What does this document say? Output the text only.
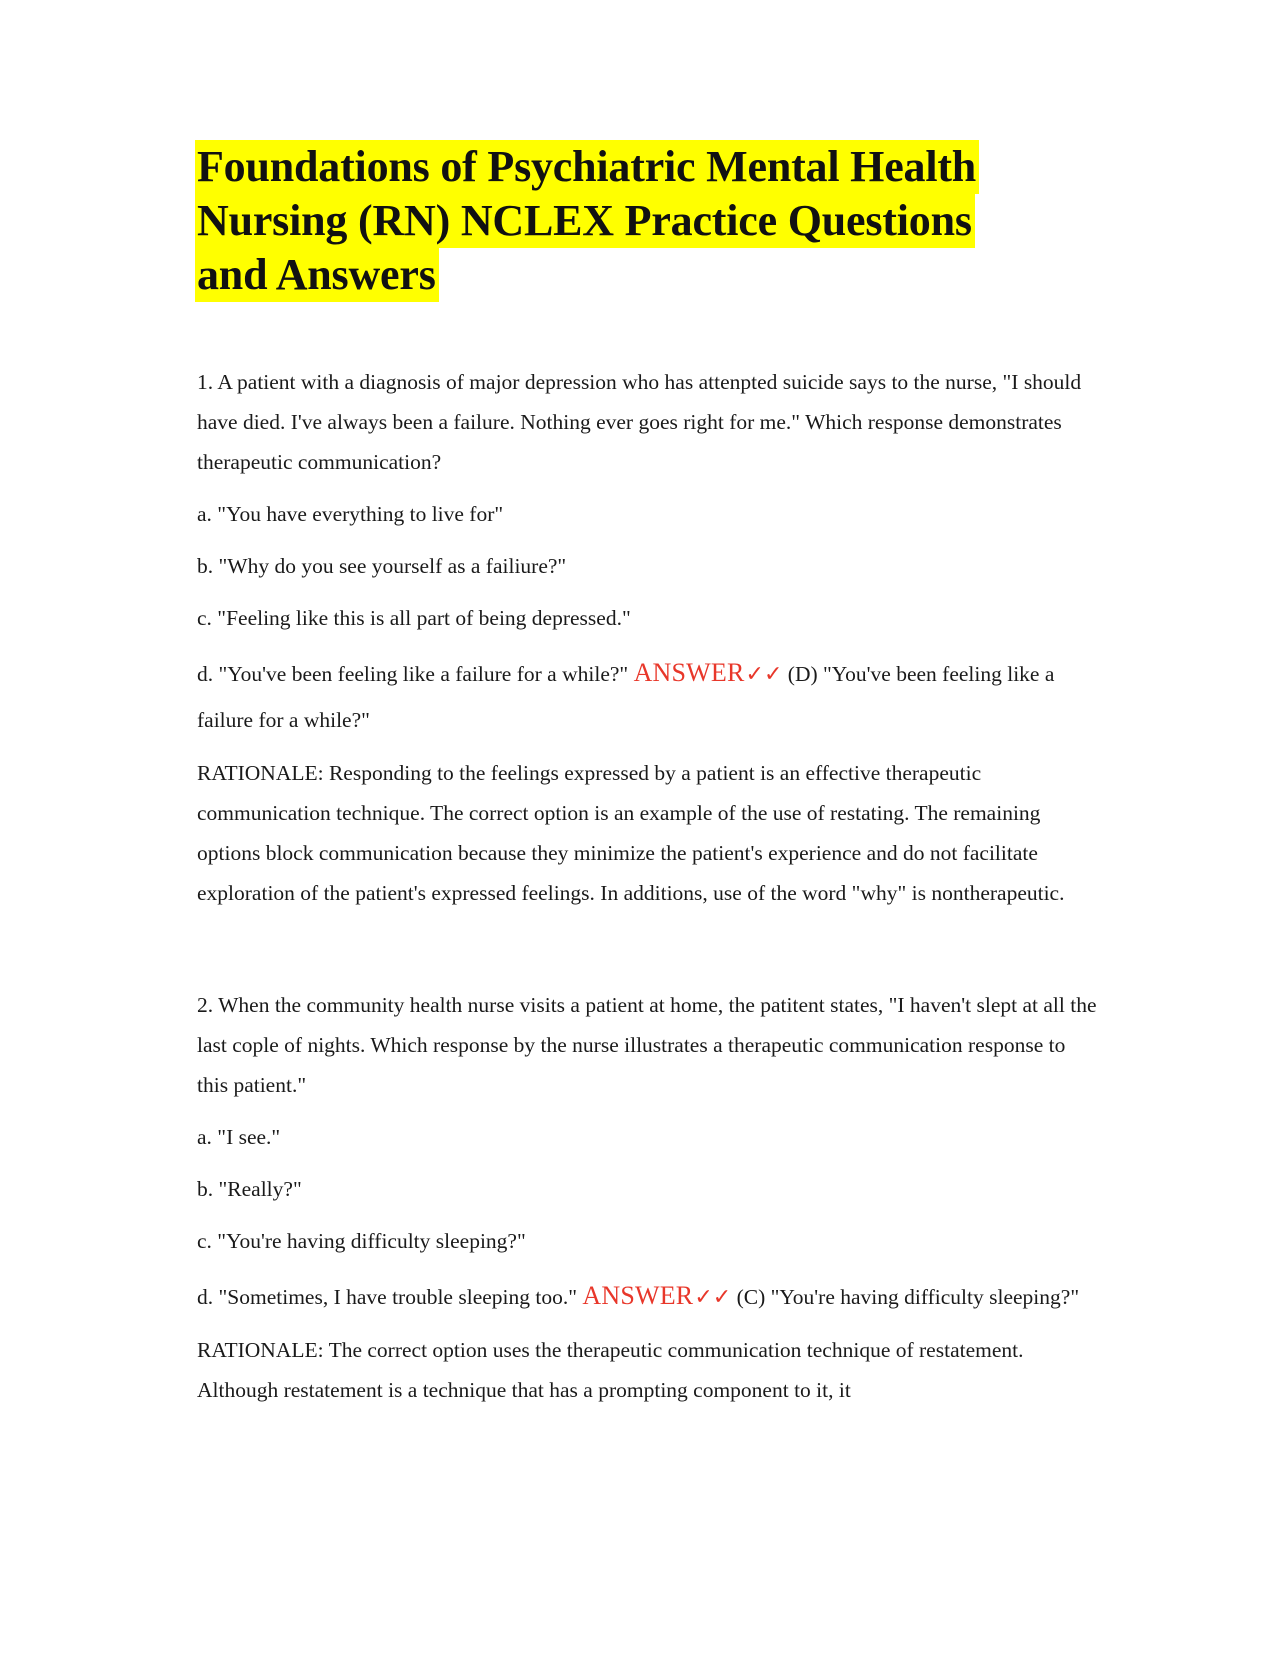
Foundations of Psychiatric Mental Health
Nursing (RN) NCLEX Practice Questions
and Answers

1. A patient with a diagnosis of major depression who has attenpted suicide says to the nurse, "I should have died. I've always been a failure. Nothing ever goes right for me." Which response demonstrates therapeutic communication?

a. "You have everything to live for"

b. "Why do you see yourself as a failiure?"

c. "Feeling like this is all part of being depressed."

d. "You've been feeling like a failure for a while?" ANSWER✓✓ (D) "You've been feeling like a failure for a while?"

RATIONALE: Responding to the feelings expressed by a patient is an effective therapeutic communication technique. The correct option is an example of the use of restating. The remaining options block communication because they minimize the patient's experience and do not facilitate exploration of the patient's expressed feelings. In additions, use of the word "why" is nontherapeutic.

2. When the community health nurse visits a patient at home, the patitent states, "I haven't slept at all the last cople of nights. Which response by the nurse illustrates a therapeutic communication response to this patient."

a. "I see."

b. "Really?"

c. "You're having difficulty sleeping?"

d. "Sometimes, I have trouble sleeping too." ANSWER✓✓ (C) "You're having difficulty sleeping?"

RATIONALE: The correct option uses the therapeutic communication technique of restatement. Although restatement is a technique that has a prompting component to it, it
